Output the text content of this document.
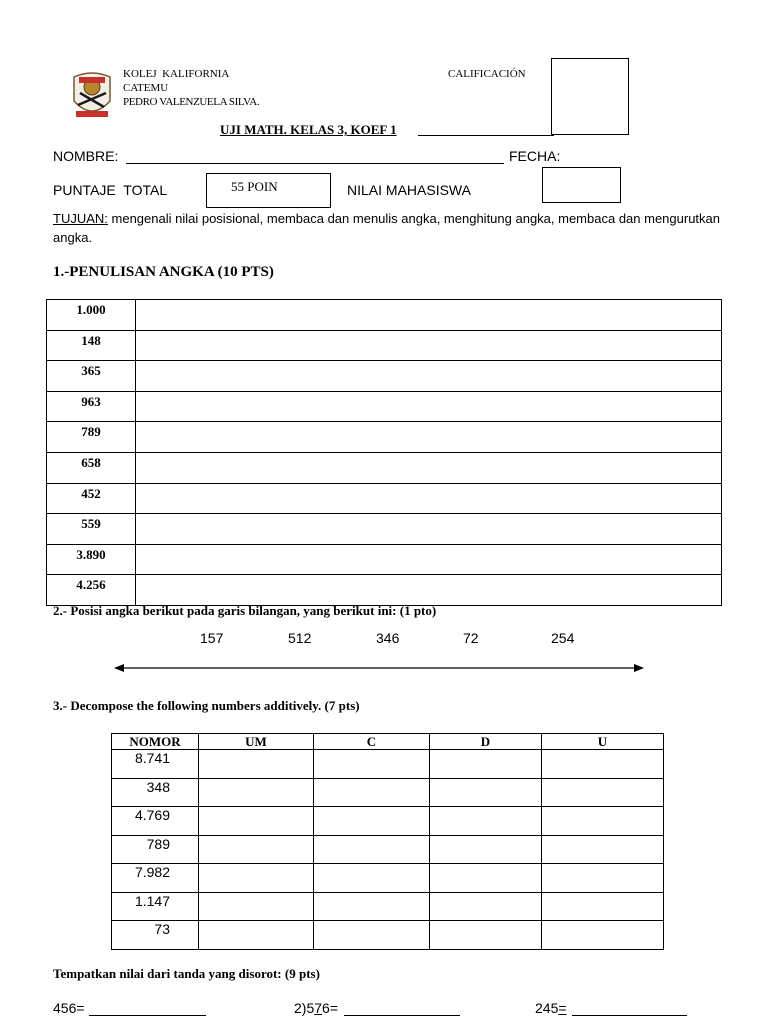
KOLEJ  KALIFORNIA
CATEMU
PEDRO VALENZUELA SILVA.
CALIFICACIÓN
UJI MATH. KELAS 3, KOEF 1
NOMBRE:	FECHA:
PUNTAJE  TOTAL	55 POIN	NILAI MAHASISWA
TUJUAN: mengenali nilai posisional, membaca dan menulis angka, menghitung angka, membaca dan mengurutkan angka.
1.-PENULISAN ANGKA (10 PTS)
1.000	
148	
365	
963	
789	
658	
452	
559	
3.890	
4.256	
2.- Posisi angka berikut pada garis bilangan, yang berikut ini: (1 pto)
157	512	346	72	254
3.- Decompose the following numbers additively. (7 pts)
NOMOR	UM	C	D	U
8.741				
348				
4.769				
789				
7.982				
1.147				
73				
Tempatkan nilai dari tanda yang disorot: (9 pts)
456=	2)576=	245=
